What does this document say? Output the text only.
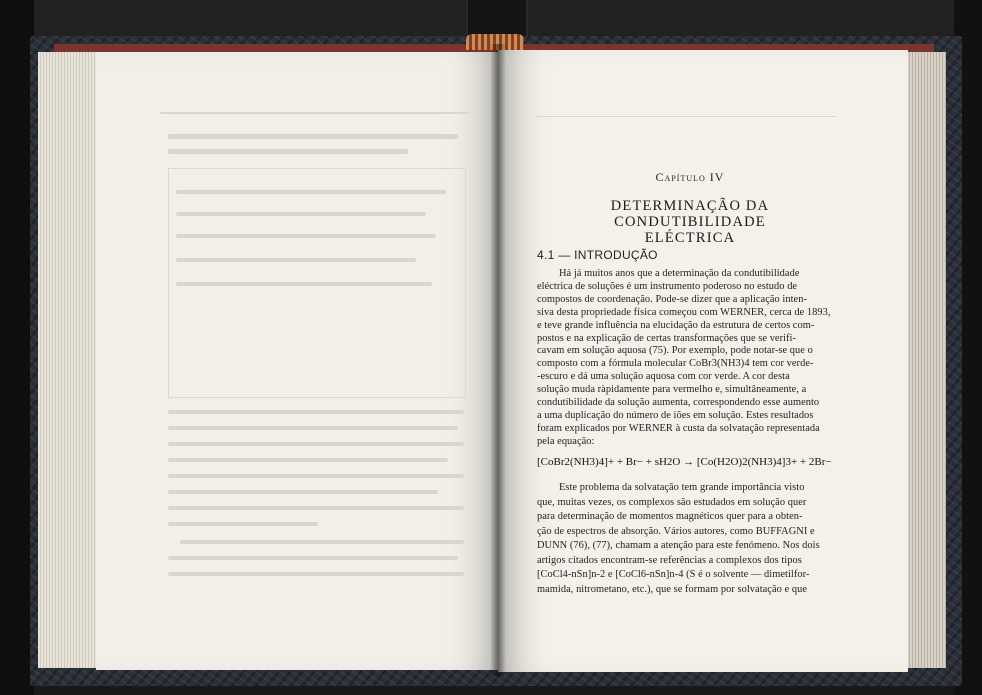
Capítulo IV
DETERMINAÇÃO DA CONDUTIBILIDADE
ELÉCTRICA
4.1 — INTRODUÇÃO
Há já muitos anos que a determinação da condutibilidade
eléctrica de soluções é um instrumento poderoso no estudo de
compostos de coordenação. Pode-se dizer que a aplicação inten-
siva desta propriedade física começou com WERNER, cerca de 1893,
e teve grande influência na elucidação da estrutura de certos com-
postos e na explicação de certas transformações que se verifi-
cavam em solução aquosa (75). Por exemplo, pode notar-se que o
composto com a fórmula molecular CoBr3(NH3)4 tem cor verde-
-escuro e dá uma solução aquosa com cor verde. A cor desta
solução muda ràpidamente para vermelho e, simultâneamente, a
condutibilidade da solução aumenta, correspondendo esse aumento
a uma duplicação do número de iões em solução. Estes resultados
foram explicados por WERNER à custa da solvatação representada
pela equação:
[CoBr2(NH3)4]+ + Br− + sH2O → [Co(H2O)2(NH3)4]3+ + 2Br−
Este problema da solvatação tem grande importância visto
que, muitas vezes, os complexos são estudados em solução quer
para determinação de momentos magnéticos quer para a obten-
ção de espectros de absorção. Vários autores, como BUFFAGNI e
DUNN (76), (77), chamam a atenção para este fenómeno. Nos dois
artigos citados encontram-se referências a complexos dos tipos
[CoCl4-nSn]n-2 e [CoCl6-nSn]n-4 (S é o solvente — dimetilfor-
mamida, nitrometano, etc.), que se formam por solvatação e que
